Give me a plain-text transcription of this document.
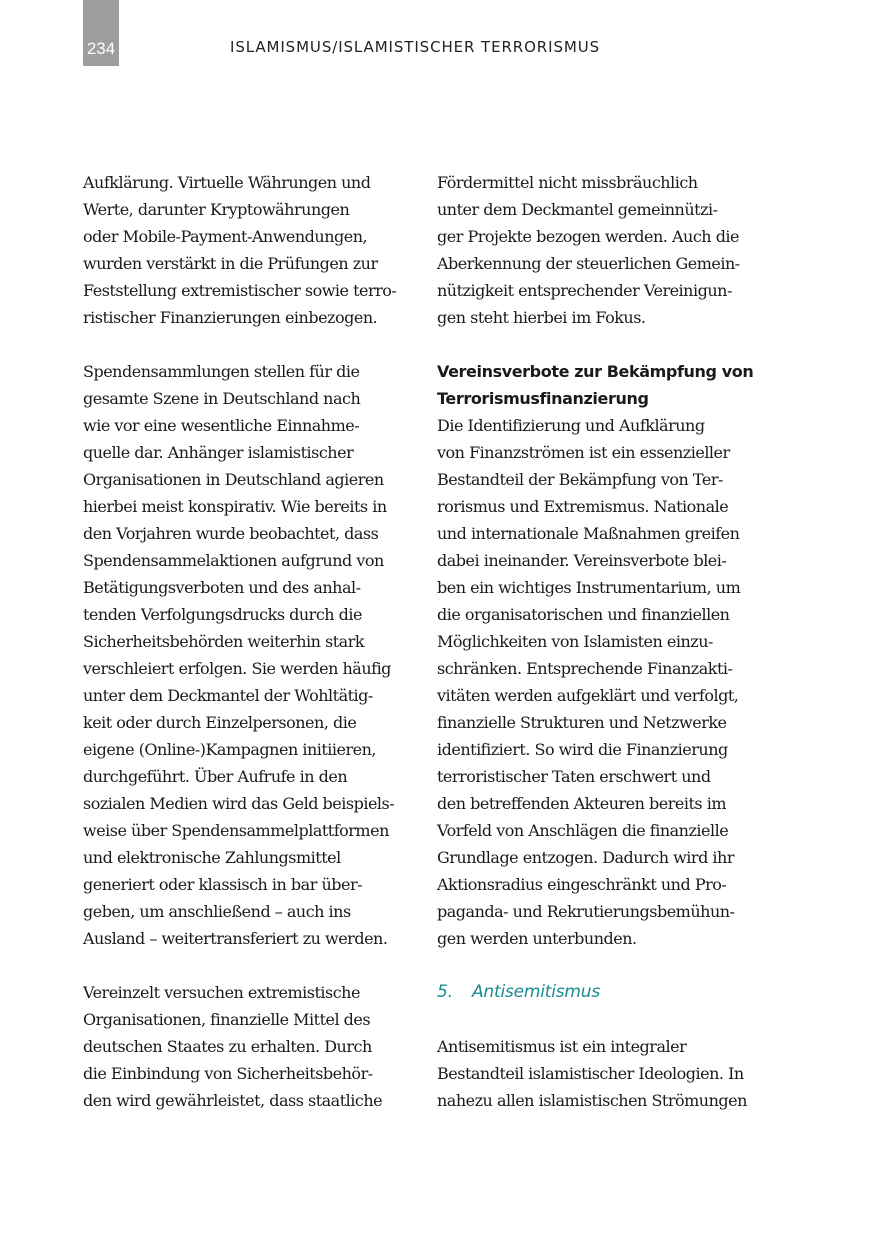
234	ISLAMISMUS/ISLAMISTISCHER TERRORISMUS
Aufklärung. Virtuelle Währungen und
Werte, darunter Kryptowährungen
oder Mobile-Payment-Anwendungen,
wurden verstärkt in die Prüfungen zur
Feststellung extremistischer sowie terro-
ristischer Finanzierungen einbezogen.
Spendensammlungen stellen für die
gesamte Szene in Deutschland nach
wie vor eine wesentliche Einnahme-
quelle dar. Anhänger islamistischer
Organisationen in Deutschland agieren
hierbei meist konspirativ. Wie bereits in
den Vorjahren wurde beobachtet, dass
Spendensammelaktionen aufgrund von
Betätigungsverboten und des anhal-
tenden Verfolgungsdrucks durch die
Sicherheitsbehörden weiterhin stark
verschleiert erfolgen. Sie werden häufig
unter dem Deckmantel der Wohltätig-
keit oder durch Einzelpersonen, die
eigene (Online-)Kampagnen initiieren,
durchgeführt. Über Aufrufe in den
sozialen Medien wird das Geld beispiels-
weise über Spendensammelplattformen
und elektronische Zahlungsmittel
generiert oder klassisch in bar über-
geben, um anschließend – auch ins
Ausland – weitertransferiert zu werden.
Vereinzelt versuchen extremistische
Organisationen, finanzielle Mittel des
deutschen Staates zu erhalten. Durch
die Einbindung von Sicherheitsbehör-
den wird gewährleistet, dass staatliche
Fördermittel nicht missbräuchlich
unter dem Deckmantel gemeinnützi-
ger Projekte bezogen werden. Auch die
Aberkennung der steuerlichen Gemein-
nützigkeit entsprechender Vereinigun-
gen steht hierbei im Fokus.
Vereinsverbote zur Bekämpfung von
Terrorismusfinanzierung
Die Identifizierung und Aufklärung
von Finanzströmen ist ein essenzieller
Bestandteil der Bekämpfung von Ter-
rorismus und Extremismus. Nationale
und internationale Maßnahmen greifen
dabei ineinander. Vereinsverbote blei-
ben ein wichtiges Instrumentarium, um
die organisatorischen und finanziellen
Möglichkeiten von Islamisten einzu-
schränken. Entsprechende Finanzakti-
vitäten werden aufgeklärt und verfolgt,
finanzielle Strukturen und Netzwerke
identifiziert. So wird die Finanzierung
terroristischer Taten erschwert und
den betreffenden Akteuren bereits im
Vorfeld von Anschlägen die finanzielle
Grundlage entzogen. Dadurch wird ihr
Aktionsradius eingeschränkt und Pro-
paganda- und Rekrutierungsbemühun-
gen werden unterbunden.
5. Antisemitismus
Antisemitismus ist ein integraler
Bestandteil islamistischer Ideologien. In
nahezu allen islamistischen Strömungen
